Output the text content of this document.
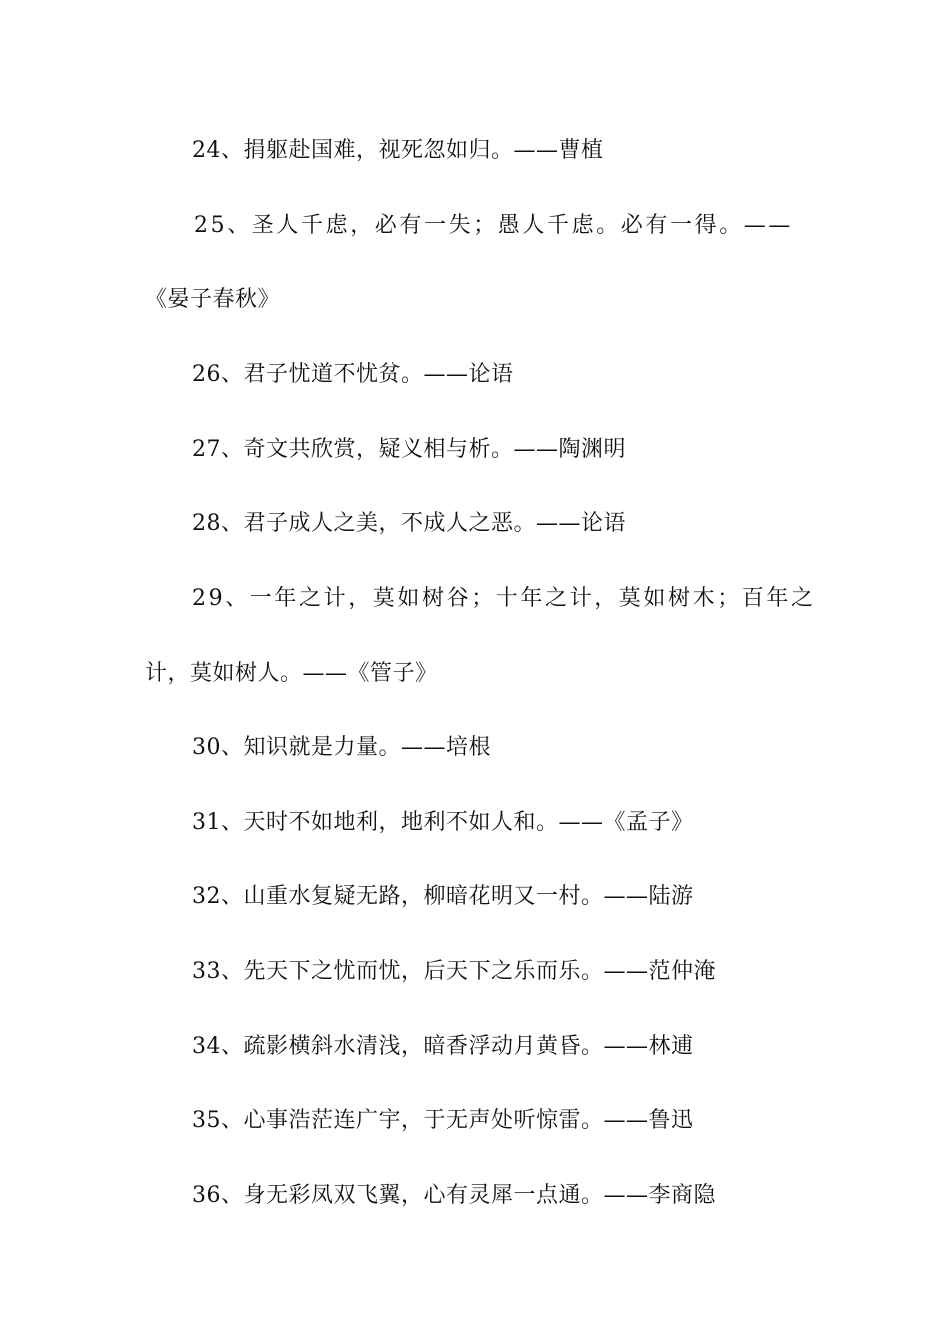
24、捐躯赴国难，视死忽如归。——曹植

25、圣人千虑，必有一失；愚人千虑。必有一得。——

《晏子春秋》

26、君子忧道不忧贫。——论语

27、奇文共欣赏，疑义相与析。——陶渊明

28、君子成人之美，不成人之恶。——论语

29、一年之计，莫如树谷；十年之计，莫如树木；百年之

计，莫如树人。——《管子》

30、知识就是力量。——培根

31、天时不如地利，地利不如人和。——《孟子》

32、山重水复疑无路，柳暗花明又一村。——陆游

33、先天下之忧而忧，后天下之乐而乐。——范仲淹

34、疏影横斜水清浅，暗香浮动月黄昏。——林逋

35、心事浩茫连广宇，于无声处听惊雷。——鲁迅

36、身无彩凤双飞翼，心有灵犀一点通。——李商隐
